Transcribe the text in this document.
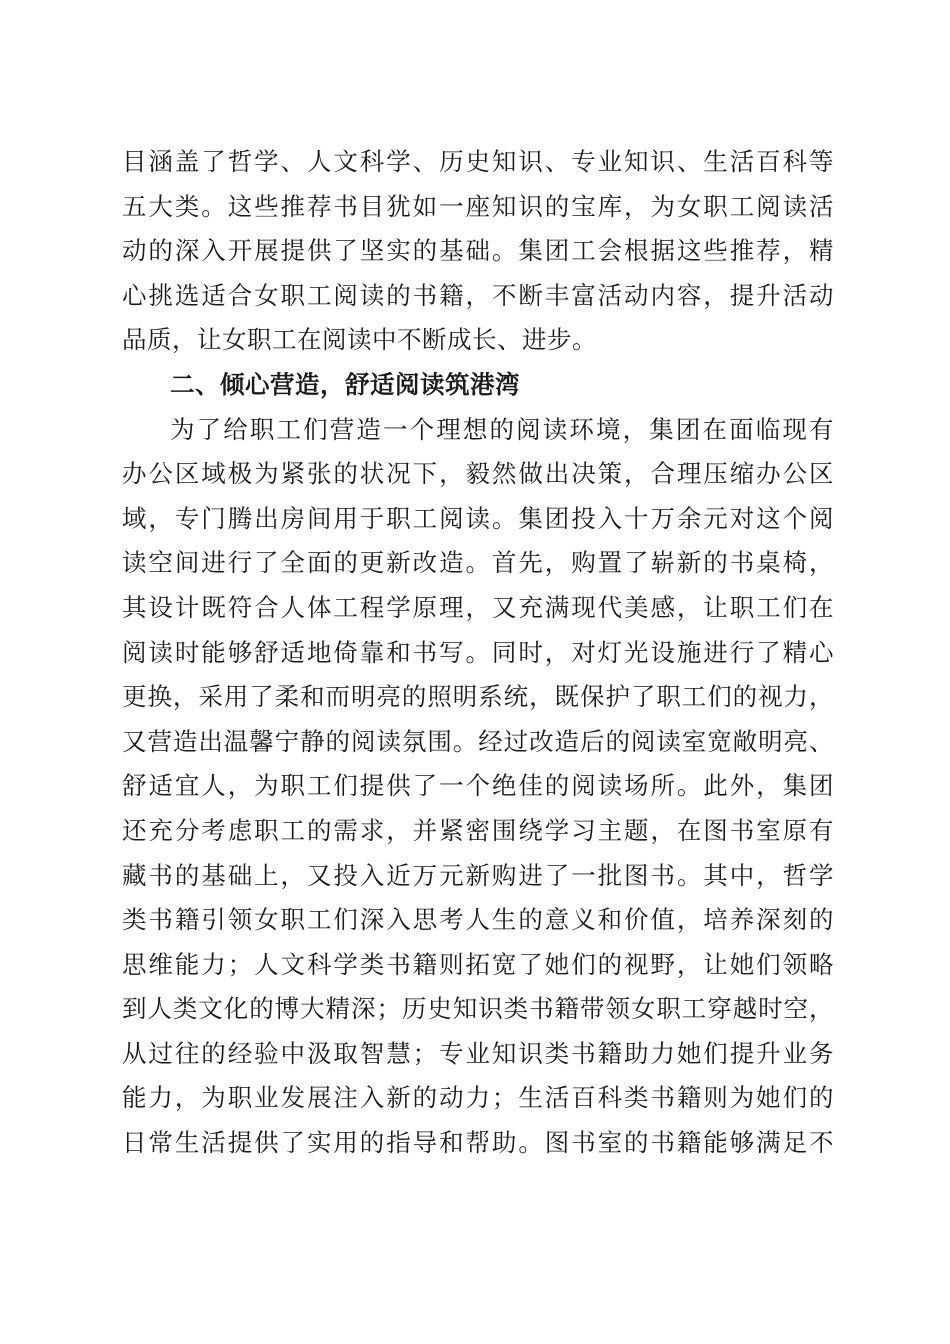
目涵盖了哲学、人文科学、历史知识、专业知识、生活百科等
五大类。这些推荐书目犹如一座知识的宝库，为女职工阅读活
动的深入开展提供了坚实的基础。集团工会根据这些推荐，精
心挑选适合女职工阅读的书籍，不断丰富活动内容，提升活动
品质，让女职工在阅读中不断成长、进步。
二、倾心营造，舒适阅读筑港湾
为了给职工们营造一个理想的阅读环境，集团在面临现有
办公区域极为紧张的状况下，毅然做出决策，合理压缩办公区
域，专门腾出房间用于职工阅读。集团投入十万余元对这个阅
读空间进行了全面的更新改造。首先，购置了崭新的书桌椅，
其设计既符合人体工程学原理，又充满现代美感，让职工们在
阅读时能够舒适地倚靠和书写。同时，对灯光设施进行了精心
更换，采用了柔和而明亮的照明系统，既保护了职工们的视力，
又营造出温馨宁静的阅读氛围。经过改造后的阅读室宽敞明亮、
舒适宜人，为职工们提供了一个绝佳的阅读场所。此外，集团
还充分考虑职工的需求，并紧密围绕学习主题，在图书室原有
藏书的基础上，又投入近万元新购进了一批图书。其中，哲学
类书籍引领女职工们深入思考人生的意义和价值，培养深刻的
思维能力；人文科学类书籍则拓宽了她们的视野，让她们领略
到人类文化的博大精深；历史知识类书籍带领女职工穿越时空，
从过往的经验中汲取智慧；专业知识类书籍助力她们提升业务
能力，为职业发展注入新的动力；生活百科类书籍则为她们的
日常生活提供了实用的指导和帮助。图书室的书籍能够满足不
